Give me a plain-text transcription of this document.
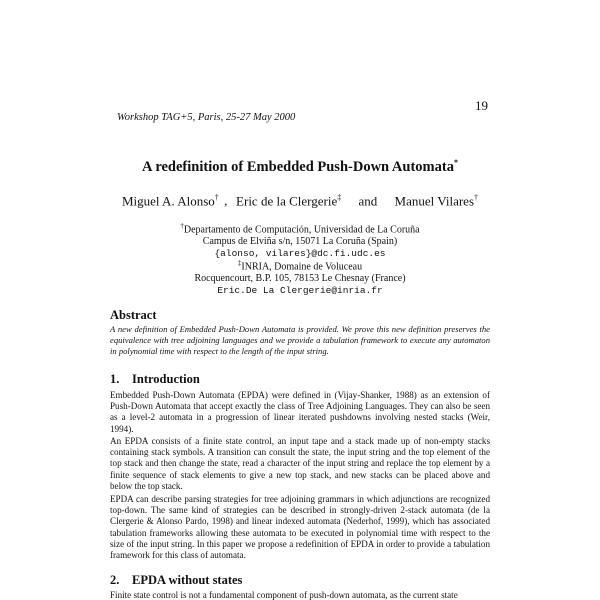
19
Workshop TAG+5, Paris, 25-27 May 2000
A redefinition of Embedded Push-Down Automata*
Miguel A. Alonso† , Eric de la Clergerie‡ and Manuel Vilares†
†Departamento de Computación, Universidad de La Coruña
Campus de Elviña s/n, 15071 La Coruña (Spain)
{alonso, vilares}@dc.fi.udc.es
‡INRIA, Domaine de Voluceau
Rocquencourt, B.P. 105, 78153 Le Chesnay (France)
Eric.De La Clergerie@inria.fr
Abstract
A new definition of Embedded Push-Down Automata is provided. We prove this new definition preserves the equivalence with tree adjoining languages and we provide a tabulation framework to execute any automaton in polynomial time with respect to the length of the input string.
1. Introduction
Embedded Push-Down Automata (EPDA) were defined in (Vijay-Shanker, 1988) as an extension of Push-Down Automata that accept exactly the class of Tree Adjoining Languages. They can also be seen as a level-2 automata in a progression of linear iterated pushdowns involving nested stacks (Weir, 1994).
An EPDA consists of a finite state control, an input tape and a stack made up of non-empty stacks containing stack symbols. A transition can consult the state, the input string and the top element of the top stack and then change the state, read a character of the input string and replace the top element by a finite sequence of stack elements to give a new top stack, and new stacks can be placed above and below the top stack.
EPDA can describe parsing strategies for tree adjoining grammars in which adjunctions are recognized top-down. The same kind of strategies can be described in strongly-driven 2-stack automata (de la Clergerie & Alonso Pardo, 1998) and linear indexed automata (Nederhof, 1999), which has associated tabulation frameworks allowing these automata to be executed in polynomial time with respect to the size of the input string. In this paper we propose a redefinition of EPDA in order to provide a tabulation framework for this class of automata.
2. EPDA without states
Finite state control is not a fundamental component of push-down automata, as the current state
